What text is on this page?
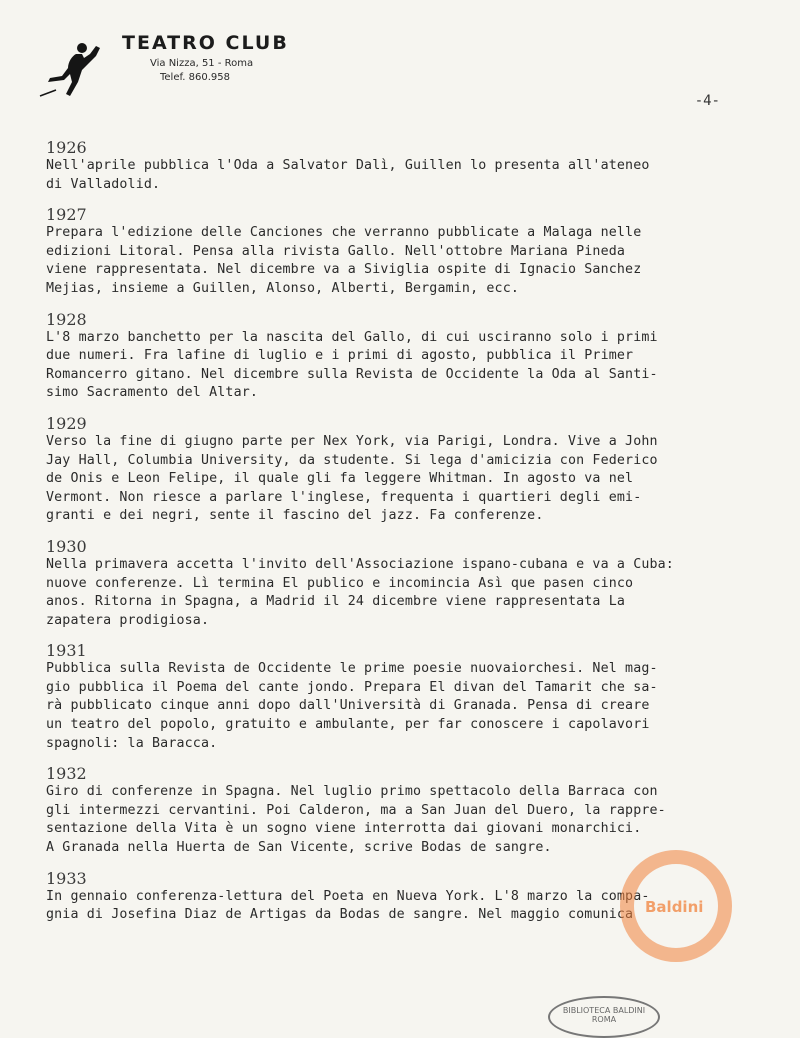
TEATRO CLUB
Via Nizza, 51 - Roma
Telef. 860.958
-4-
1926
Nell'aprile pubblica l'Oda a Salvator Dalì, Guillen lo presenta all'ateneo
di Valladolid.
1927
Prepara l'edizione delle Canciones che verranno pubblicate a Malaga nelle
edizioni Litoral. Pensa alla rivista Gallo. Nell'ottobre Mariana Pineda
viene rappresentata. Nel dicembre va a Siviglia ospite di Ignacio Sanchez
Mejias, insieme a Guillen, Alonso, Alberti, Bergamin, ecc.
1928
L'8 marzo banchetto per la nascita del Gallo, di cui usciranno solo i primi
due numeri. Fra lafine di luglio e i primi di agosto, pubblica il Primer
Romancerro gitano. Nel dicembre sulla Revista de Occidente la Oda al Santi-
simo Sacramento del Altar.
1929
Verso la fine di giugno parte per Nex York, via Parigi, Londra. Vive a John
Jay Hall, Columbia University, da studente. Si lega d'amicizia con Federico
de Onis e Leon Felipe, il quale gli fa leggere Whitman. In agosto va nel
Vermont. Non riesce a parlare l'inglese, frequenta i quartieri degli emi-
granti e dei negri, sente il fascino del jazz. Fa conferenze.
1930
Nella primavera accetta l'invito dell'Associazione ispano-cubana e va a Cuba:
nuove conferenze. Lì termina El publico e incomincia Asì que pasen cinco
anos. Ritorna in Spagna, a Madrid il 24 dicembre viene rappresentata La
zapatera prodigiosa.
1931
Pubblica sulla Revista de Occidente le prime poesie nuovaiorchesi. Nel mag-
gio pubblica il Poema del cante jondo. Prepara El divan del Tamarit che sa-
rà pubblicato cinque anni dopo dall'Università di Granada. Pensa di creare
un teatro del popolo, gratuito e ambulante, per far conoscere i capolavori
spagnoli: la Baracca.
1932
Giro di conferenze in Spagna. Nel luglio primo spettacolo della Barraca con
gli intermezzi cervantini. Poi Calderon, ma a San Juan del Duero, la rappre-
sentazione della Vita è un sogno viene interrotta dai giovani monarchici.
A Granada nella Huerta de San Vicente, scrive Bodas de sangre.
1933
In gennaio conferenza-lettura del Poeta en Nueva York. L'8 marzo la compa-
gnia di Josefina Diaz de Artigas da Bodas de sangre. Nel maggio comunica Baldini
BIBLIOTECA BALDINI ROMA
